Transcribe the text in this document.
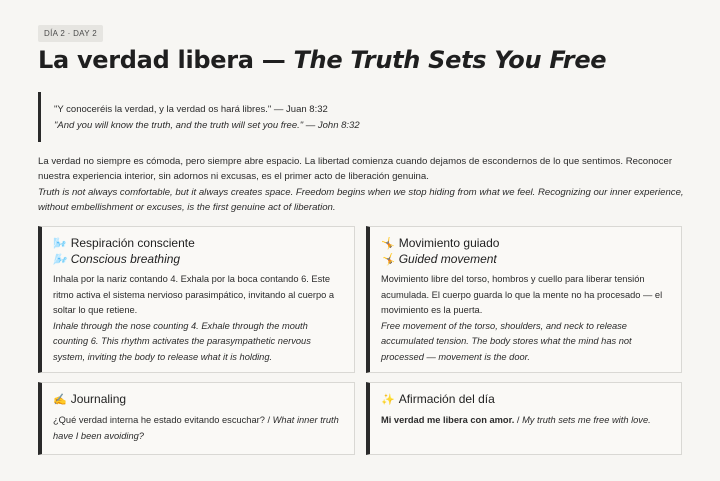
DÍA 2 · DAY 2
La verdad libera — The Truth Sets You Free
"Y conoceréis la verdad, y la verdad os hará libres." — Juan 8:32
"And you will know the truth, and the truth will set you free." — John 8:32
La verdad no siempre es cómoda, pero siempre abre espacio. La libertad comienza cuando dejamos de escondernos de lo que sentimos. Reconocer nuestra experiencia interior, sin adornos ni excusas, es el primer acto de liberación genuina.
Truth is not always comfortable, but it always creates space. Freedom begins when we stop hiding from what we feel. Recognizing our inner experience, without embellishment or excuses, is the first genuine act of liberation.
🌬️ Respiración consciente
🌬️ Conscious breathing
Inhala por la nariz contando 4. Exhala por la boca contando 6. Este ritmo activa el sistema nervioso parasimpático, invitando al cuerpo a soltar lo que retiene.
Inhale through the nose counting 4. Exhale through the mouth counting 6. This rhythm activates the parasympathetic nervous system, inviting the body to release what it is holding.
🤸 Movimiento guiado
🤸 Guided movement
Movimiento libre del torso, hombros y cuello para liberar tensión acumulada. El cuerpo guarda lo que la mente no ha procesado — el movimiento es la puerta.
Free movement of the torso, shoulders, and neck to release accumulated tension. The body stores what the mind has not processed — movement is the door.
✍️ Journaling
¿Qué verdad interna he estado evitando escuchar? / What inner truth have I been avoiding?
✨ Afirmación del día
Mi verdad me libera con amor. / My truth sets me free with love.
